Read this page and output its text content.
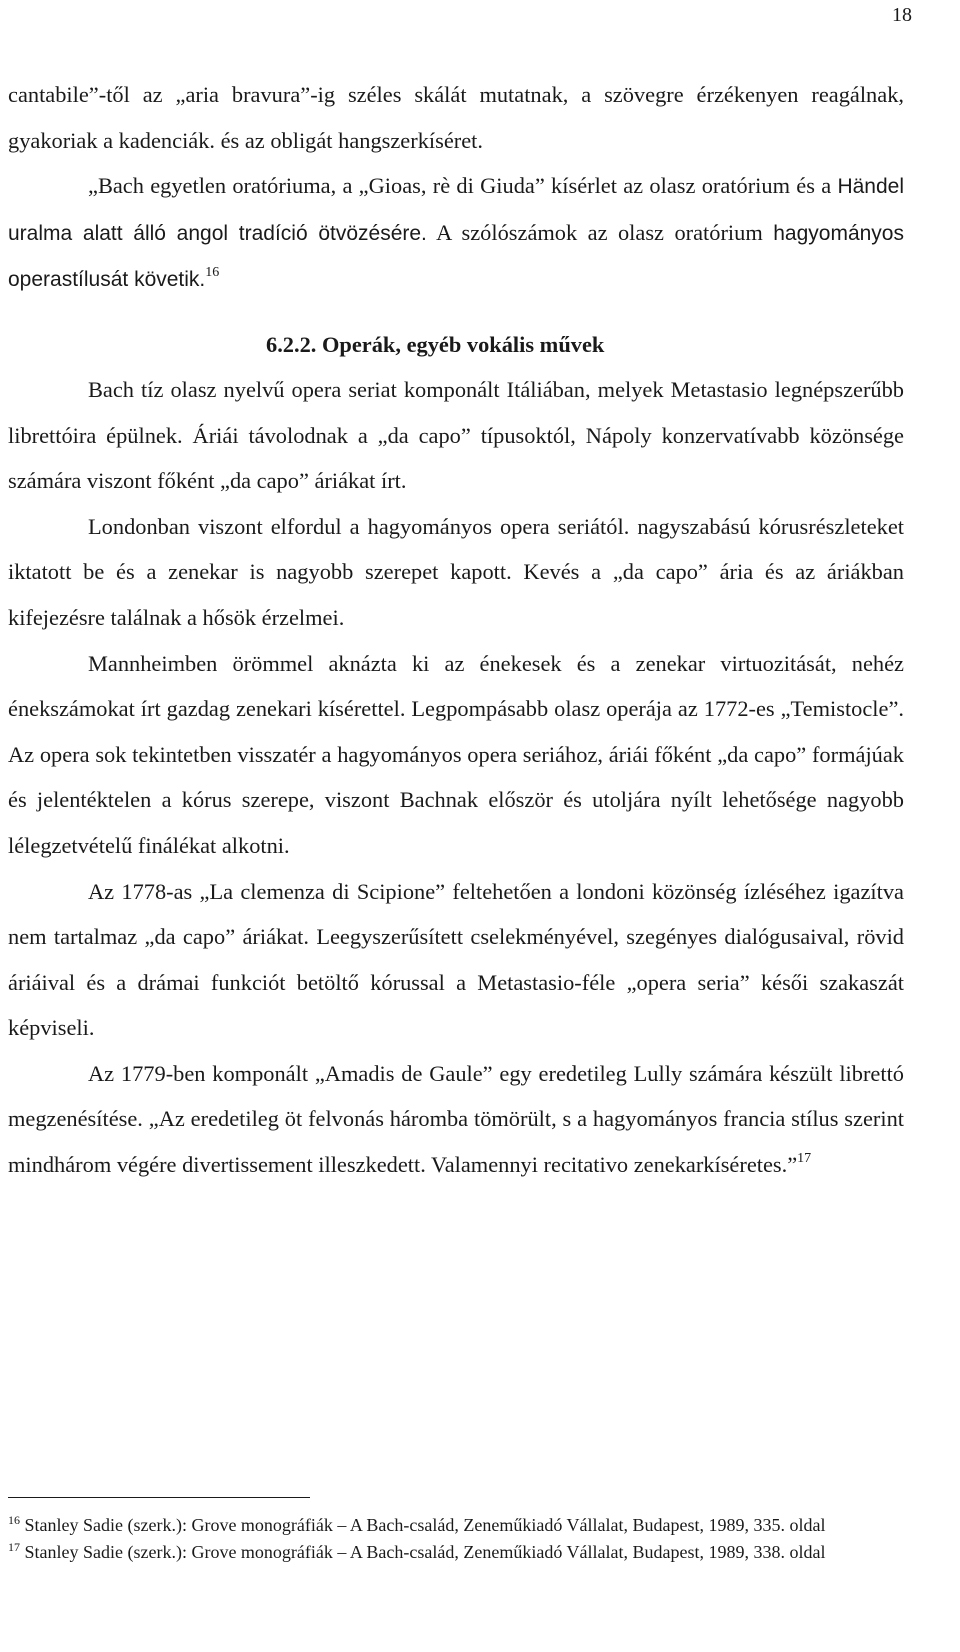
18

cantabile”-től az „aria bravura”-ig széles skálát mutatnak, a szövegre érzékenyen reagálnak, gyakoriak a kadenciák. és az obligát hangszerkíséret.

„Bach egyetlen oratóriuma, a „Gioas, rè di Giuda” kísérlet az olasz oratórium és a Händel uralma alatt álló angol tradíció ötvözésére. A szólószámok az olasz oratórium hagyományos operastílusát követik.$^{16}$

6.2.2. Operák, egyéb vokális művek

Bach tíz olasz nyelvű opera seriat komponált Itáliában, melyek Metastasio legnépszerűbb librettóira épülnek. Áriái távolodnak a „da capo” típusoktól, Nápoly konzervatívabb közönsége számára viszont főként „da capo” áriákat írt.

Londonban viszont elfordul a hagyományos opera seriától. nagyszabású kórusrészleteket iktatott be és a zenekar is nagyobb szerepet kapott. Kevés a „da capo” ária és az áriákban kifejezésre találnak a hősök érzelmei.

Mannheimben örömmel aknázta ki az énekesek és a zenekar virtuozitását, nehéz énekszámokat írt gazdag zenekari kísérettel. Legpompásabb olasz operája az 1772-es „Temistocle”. Az opera sok tekintetben visszatér a hagyományos opera seriához, áriái főként „da capo” formájúak és jelentéktelen a kórus szerepe, viszont Bachnak először és utoljára nyílt lehetősége nagyobb lélegzetvételű finálékat alkotni.

Az 1778-as „La clemenza di Scipione” feltehetően a londoni közönség ízléséhez igazítva nem tartalmaz „da capo” áriákat. Leegyszerűsített cselekményével, szegényes dialógusaival, rövid áriáival és a drámai funkciót betöltő kórussal a Metastasio-féle „opera seria” késői szakaszát képviseli.

Az 1779-ben komponált „Amadis de Gaule” egy eredetileg Lully számára készült librettó megzenésítése. „Az eredetileg öt felvonás háromba tömörült, s a hagyományos francia stílus szerint mindhárom végére divertissement illeszkedett. Valamennyi recitativo zenekarkíséretes.”$^{17}$

$^{16}$ Stanley Sadie (szerk.): Grove monográfiák – A Bach-család, Zeneműkiadó Vállalat, Budapest, 1989, 335. oldal

$^{17}$ Stanley Sadie (szerk.): Grove monográfiák – A Bach-család, Zeneműkiadó Vállalat, Budapest, 1989, 338. oldal
